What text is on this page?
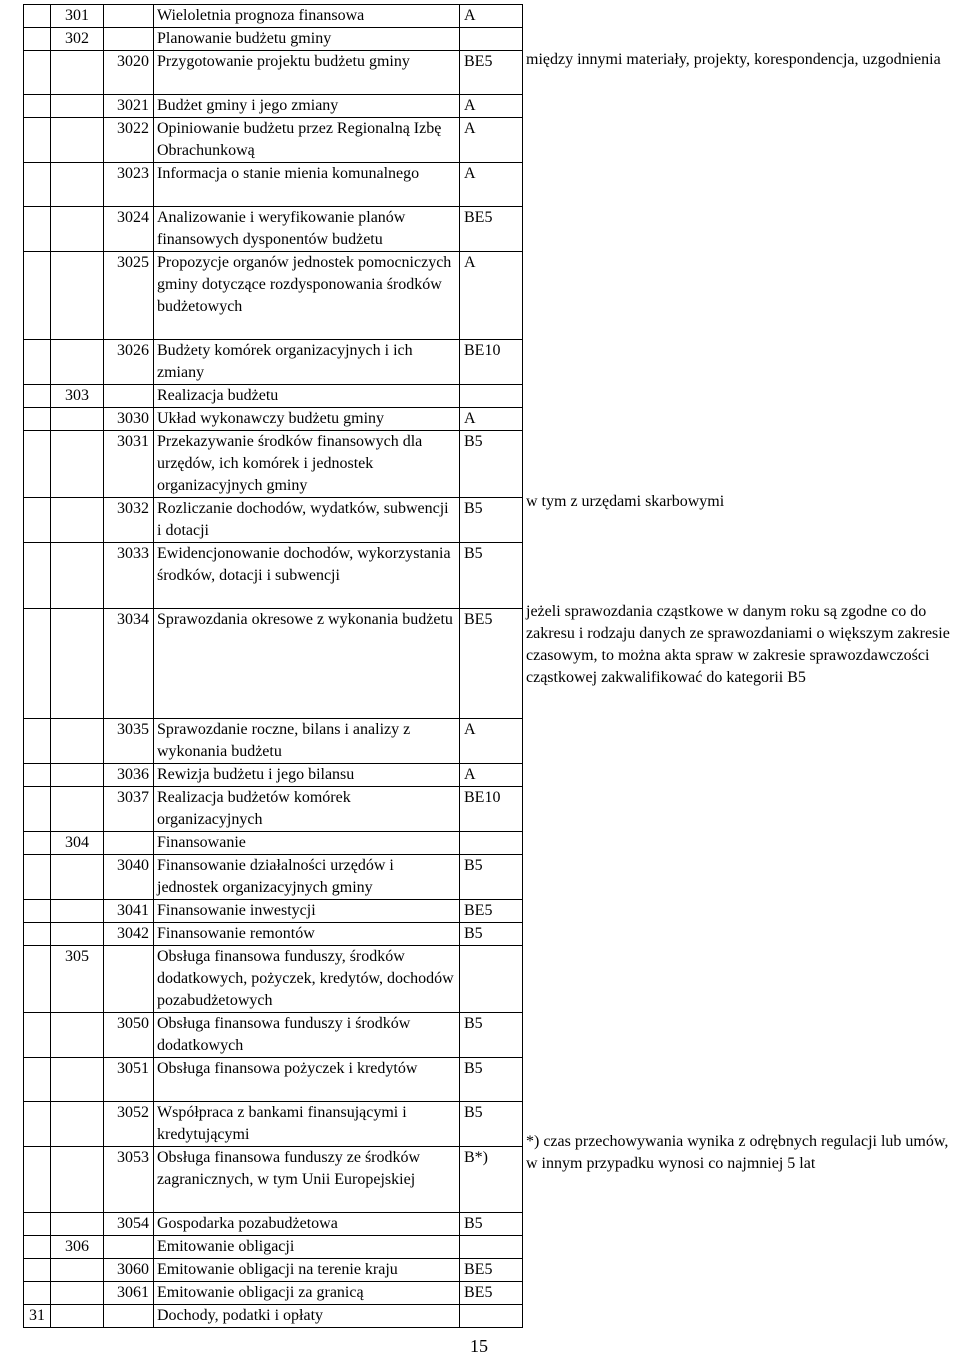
	301		Wieloletnia prognoza finansowa	A
	302		Planowanie budżetu gminy	
		3020	Przygotowanie projektu budżetu gminy	BE5
		3021	Budżet gminy i jego zmiany	A
		3022	Opiniowanie budżetu przez Regionalną Izbę Obrachunkową	A
		3023	Informacja o stanie mienia komunalnego	A
		3024	Analizowanie i weryfikowanie planów finansowych dysponentów budżetu	BE5
		3025	Propozycje organów jednostek pomocniczych gminy dotyczące rozdysponowania środków budżetowych	A
		3026	Budżety komórek organizacyjnych i ich zmiany	BE10
	303		Realizacja budżetu	
		3030	Układ wykonawczy budżetu gminy	A
		3031	Przekazywanie środków finansowych dla urzędów, ich komórek i jednostek organizacyjnych gminy	B5
		3032	Rozliczanie dochodów, wydatków, subwencji i dotacji	B5
		3033	Ewidencjonowanie dochodów, wykorzystania środków, dotacji i subwencji	B5
		3034	Sprawozdania okresowe z wykonania budżetu	BE5
		3035	Sprawozdanie roczne, bilans i analizy z wykonania budżetu	A
		3036	Rewizja budżetu i jego bilansu	A
		3037	Realizacja budżetów komórek organizacyjnych	BE10
	304		Finansowanie	
		3040	Finansowanie działalności urzędów i jednostek organizacyjnych gminy	B5
		3041	Finansowanie inwestycji	BE5
		3042	Finansowanie remontów	B5
	305		Obsługa finansowa funduszy, środków dodatkowych, pożyczek, kredytów, dochodów pozabudżetowych	
		3050	Obsługa finansowa funduszy i środków dodatkowych	B5
		3051	Obsługa finansowa pożyczek i kredytów	B5
		3052	Współpraca z bankami finansującymi i kredytującymi	B5
		3053	Obsługa finansowa funduszy ze środków zagranicznych, w tym Unii Europejskiej	B*)
		3054	Gospodarka pozabudżetowa	B5
	306		Emitowanie obligacji	
		3060	Emitowanie obligacji na terenie kraju	BE5
		3061	Emitowanie obligacji za granicą	BE5
31			Dochody, podatki i opłaty	
między innymi materiały, projekty, korespondencja, uzgodnienia
w tym z urzędami skarbowymi
jeżeli sprawozdania cząstkowe w danym roku są zgodne co do zakresu i rodzaju danych ze sprawozdaniami o większym zakresie czasowym, to można akta spraw w zakresie sprawozdawczości cząstkowej zakwalifikować do kategorii B5
*) czas przechowywania wynika z odrębnych regulacji lub umów, w innym przypadku wynosi co najmniej 5 lat
15
